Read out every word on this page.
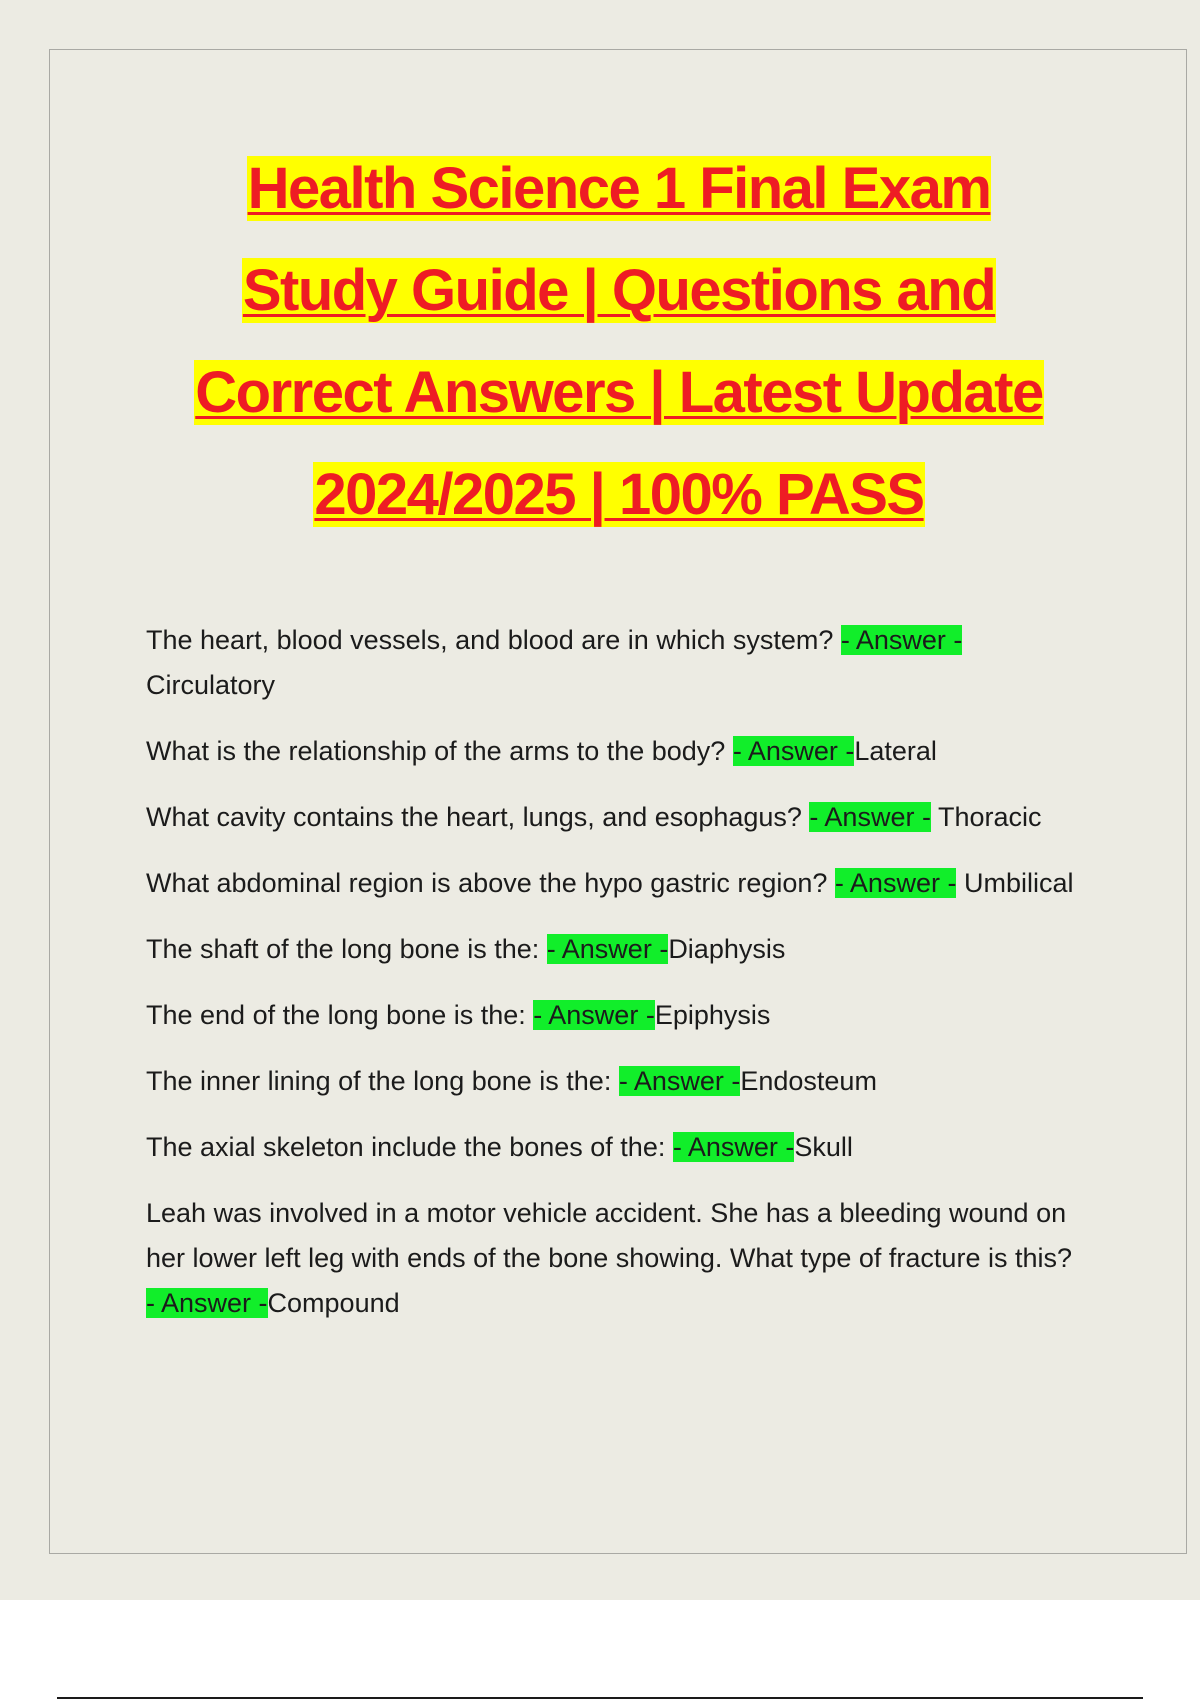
Health Science 1 Final Exam
Study Guide | Questions and
Correct Answers | Latest Update
2024/2025 | 100% PASS

The heart, blood vessels, and blood are in which system? - Answer - Circulatory

What is the relationship of the arms to the body? - Answer -Lateral

What cavity contains the heart, lungs, and esophagus? - Answer - Thoracic

What abdominal region is above the hypo gastric region? - Answer - Umbilical

The shaft of the long bone is the: - Answer -Diaphysis

The end of the long bone is the: - Answer -Epiphysis

The inner lining of the long bone is the: - Answer -Endosteum

The axial skeleton include the bones of the: - Answer -Skull

Leah was involved in a motor vehicle accident. She has a bleeding wound on her lower left leg with ends of the bone showing. What type of fracture is this? - Answer -Compound
